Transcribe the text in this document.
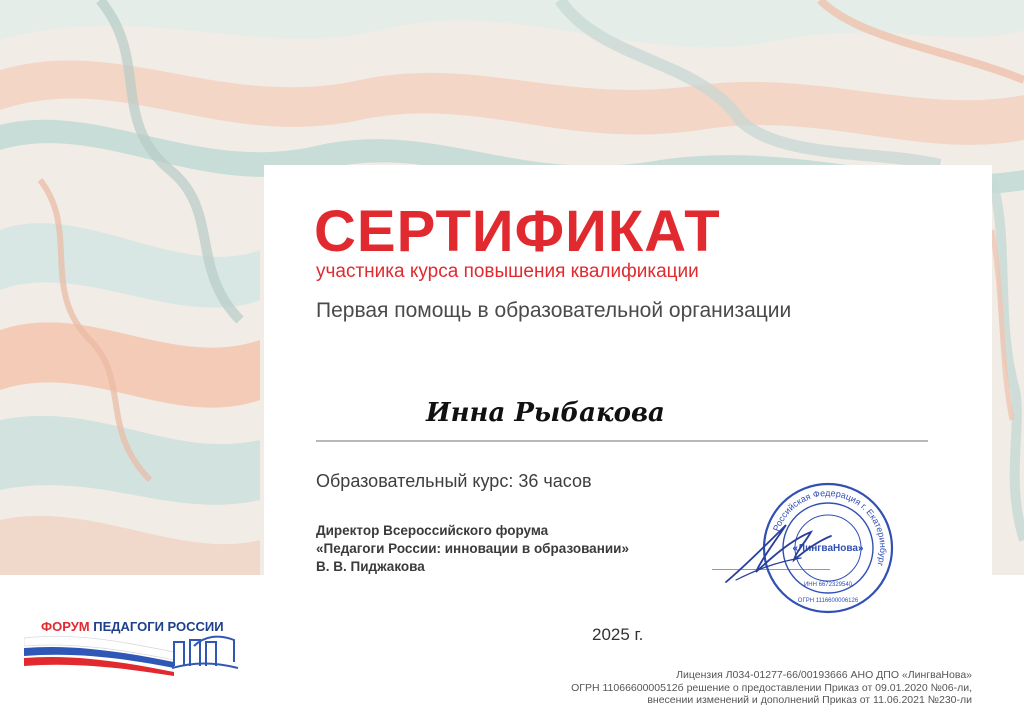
СЕРТИФИКАТ
участника курса повышения квалификации
Первая помощь в образовательной организации
Инна Рыбакова
Образовательный курс: 36 часов
Директор Всероссийского форума
«Педагоги России: инновации в образовании»
В. В. Пиджакова
Российская Федерация г. Екатеринбург
«ЛингваНова»
ИНН 6672329540
ОГРН 1116600006126
2025 г.
ФОРУМ ПЕДАГОГИ РОССИИ
Лицензия Л034-01277-66/00193666 АНО ДПО «ЛингваНова»
ОГРН 1106660000512б решение о предоставлении Приказ от 09.01.2020 №06-ли,
внесении изменений и дополнений Приказ от 11.06.2021 №230-ли
